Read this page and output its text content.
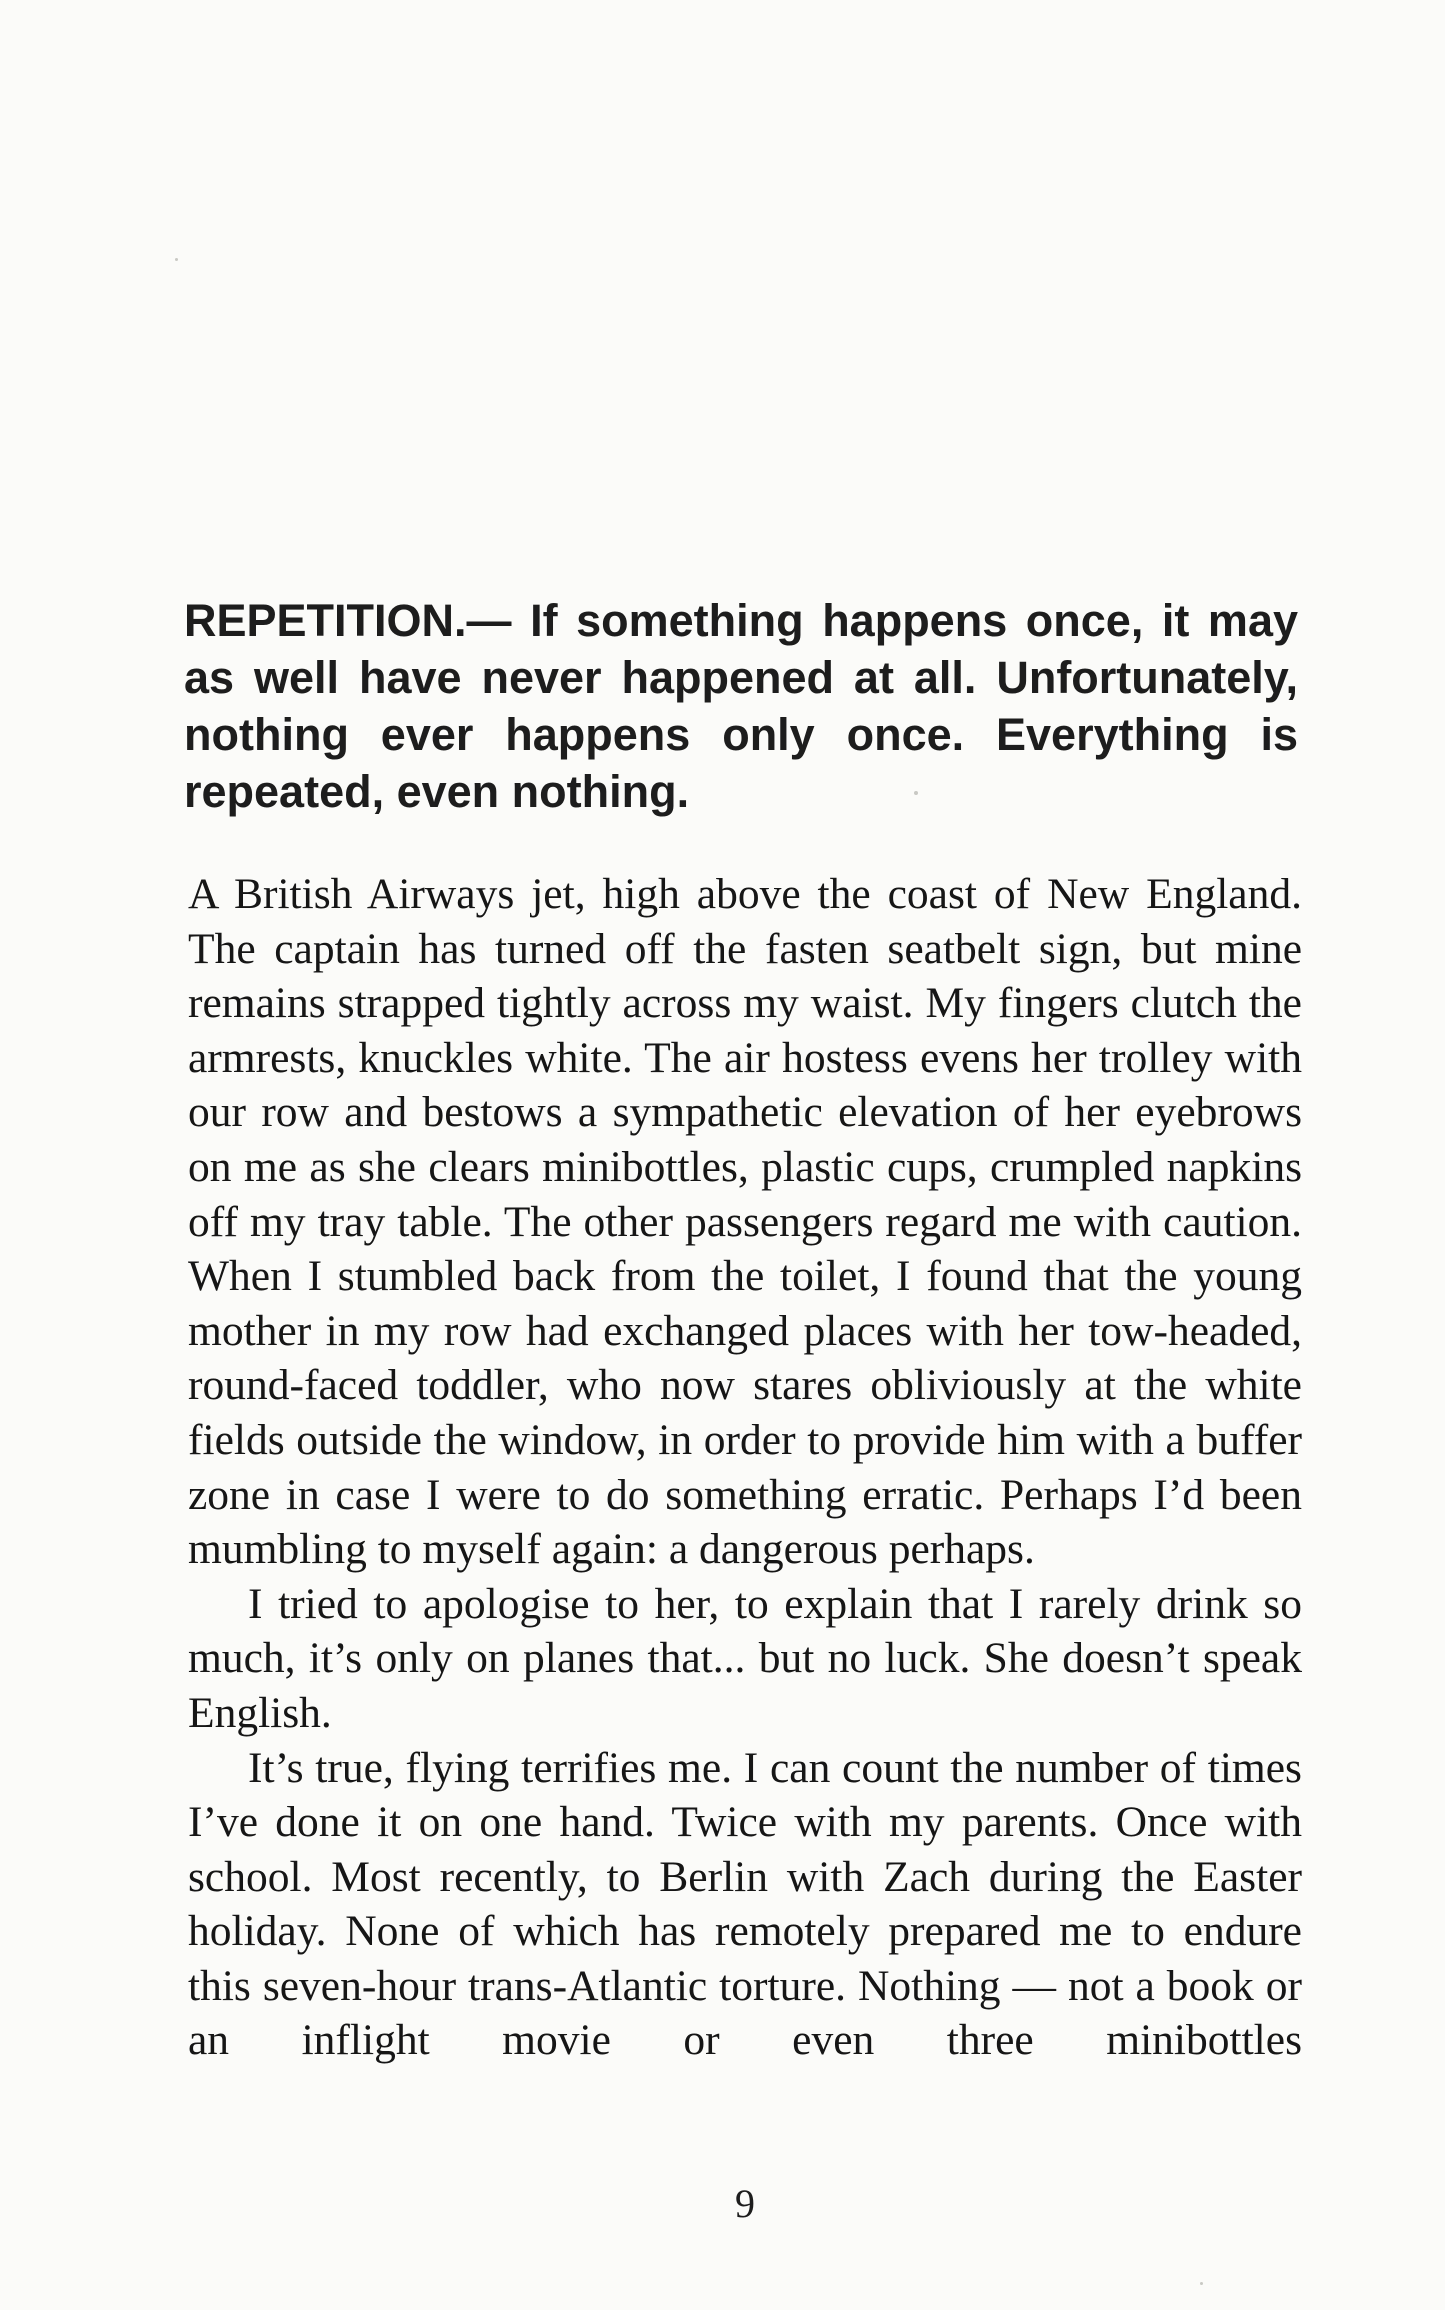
REPETITION.— If something happens once, it may as well have never happened at all. Unfortunately, nothing ever happens only once. Everything is repeated, even nothing.

A British Airways jet, high above the coast of New England. The captain has turned off the fasten seatbelt sign, but mine remains strapped tightly across my waist. My fingers clutch the armrests, knuckles white. The air hostess evens her trolley with our row and bestows a sympathetic elevation of her eyebrows on me as she clears minibottles, plastic cups, crumpled napkins off my tray table. The other passengers regard me with caution. When I stumbled back from the toilet, I found that the young mother in my row had exchanged places with her tow-headed, round-faced toddler, who now stares obliviously at the white fields outside the window, in order to provide him with a buffer zone in case I were to do something erratic. Perhaps I’d been mumbling to myself again: a dangerous perhaps.

I tried to apologise to her, to explain that I rarely drink so much, it’s only on planes that... but no luck. She doesn’t speak English.

It’s true, flying terrifies me. I can count the number of times I’ve done it on one hand. Twice with my parents. Once with school. Most recently, to Berlin with Zach during the Easter holiday. None of which has remotely prepared me to endure this seven-hour trans-Atlantic torture. Nothing — not a book or an inflight movie or even three minibottles

9
